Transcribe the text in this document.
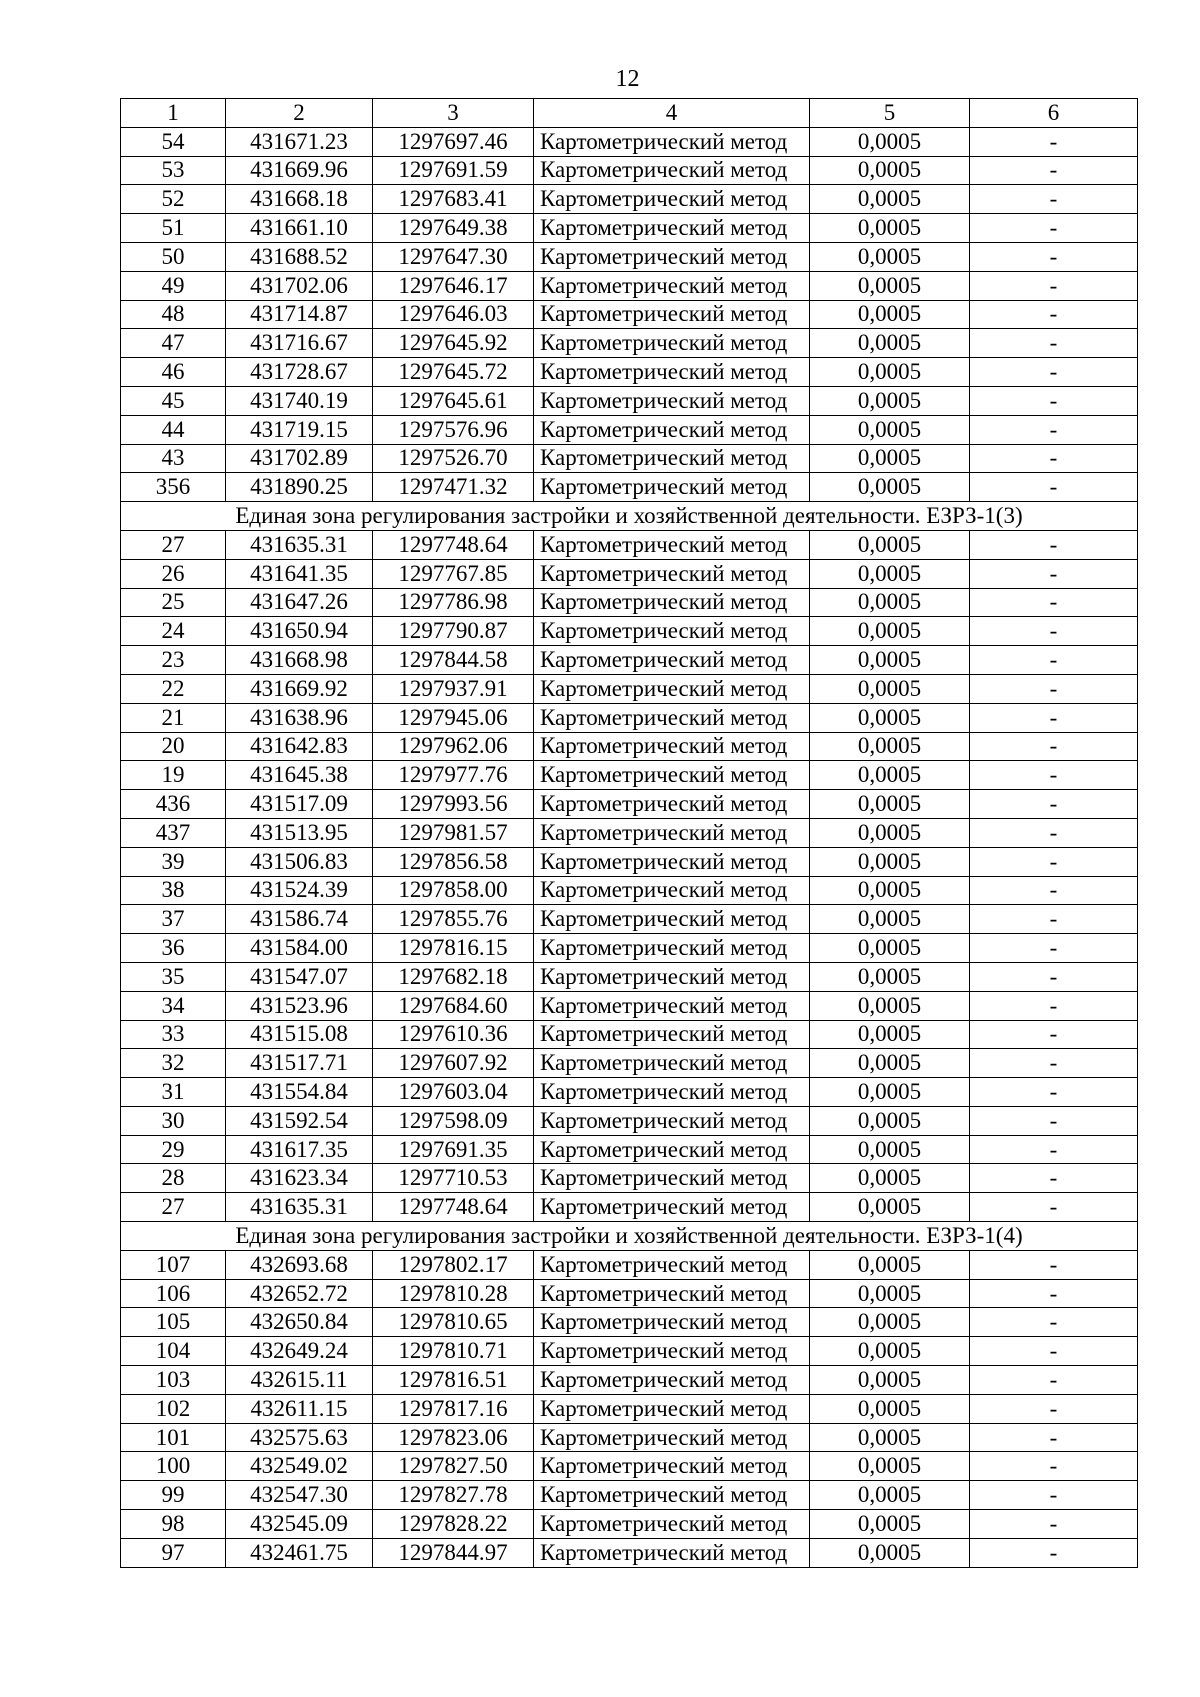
12
1	2	3	4	5	6
54	431671.23	1297697.46	Картометрический метод	0,0005	-
53	431669.96	1297691.59	Картометрический метод	0,0005	-
52	431668.18	1297683.41	Картометрический метод	0,0005	-
51	431661.10	1297649.38	Картометрический метод	0,0005	-
50	431688.52	1297647.30	Картометрический метод	0,0005	-
49	431702.06	1297646.17	Картометрический метод	0,0005	-
48	431714.87	1297646.03	Картометрический метод	0,0005	-
47	431716.67	1297645.92	Картометрический метод	0,0005	-
46	431728.67	1297645.72	Картометрический метод	0,0005	-
45	431740.19	1297645.61	Картометрический метод	0,0005	-
44	431719.15	1297576.96	Картометрический метод	0,0005	-
43	431702.89	1297526.70	Картометрический метод	0,0005	-
356	431890.25	1297471.32	Картометрический метод	0,0005	-
Единая зона регулирования застройки и хозяйственной деятельности. ЕЗРЗ-1(3)					
27	431635.31	1297748.64	Картометрический метод	0,0005	-
26	431641.35	1297767.85	Картометрический метод	0,0005	-
25	431647.26	1297786.98	Картометрический метод	0,0005	-
24	431650.94	1297790.87	Картометрический метод	0,0005	-
23	431668.98	1297844.58	Картометрический метод	0,0005	-
22	431669.92	1297937.91	Картометрический метод	0,0005	-
21	431638.96	1297945.06	Картометрический метод	0,0005	-
20	431642.83	1297962.06	Картометрический метод	0,0005	-
19	431645.38	1297977.76	Картометрический метод	0,0005	-
436	431517.09	1297993.56	Картометрический метод	0,0005	-
437	431513.95	1297981.57	Картометрический метод	0,0005	-
39	431506.83	1297856.58	Картометрический метод	0,0005	-
38	431524.39	1297858.00	Картометрический метод	0,0005	-
37	431586.74	1297855.76	Картометрический метод	0,0005	-
36	431584.00	1297816.15	Картометрический метод	0,0005	-
35	431547.07	1297682.18	Картометрический метод	0,0005	-
34	431523.96	1297684.60	Картометрический метод	0,0005	-
33	431515.08	1297610.36	Картометрический метод	0,0005	-
32	431517.71	1297607.92	Картометрический метод	0,0005	-
31	431554.84	1297603.04	Картометрический метод	0,0005	-
30	431592.54	1297598.09	Картометрический метод	0,0005	-
29	431617.35	1297691.35	Картометрический метод	0,0005	-
28	431623.34	1297710.53	Картометрический метод	0,0005	-
27	431635.31	1297748.64	Картометрический метод	0,0005	-
Единая зона регулирования застройки и хозяйственной деятельности. ЕЗРЗ-1(4)					
107	432693.68	1297802.17	Картометрический метод	0,0005	-
106	432652.72	1297810.28	Картометрический метод	0,0005	-
105	432650.84	1297810.65	Картометрический метод	0,0005	-
104	432649.24	1297810.71	Картометрический метод	0,0005	-
103	432615.11	1297816.51	Картометрический метод	0,0005	-
102	432611.15	1297817.16	Картометрический метод	0,0005	-
101	432575.63	1297823.06	Картометрический метод	0,0005	-
100	432549.02	1297827.50	Картометрический метод	0,0005	-
99	432547.30	1297827.78	Картометрический метод	0,0005	-
98	432545.09	1297828.22	Картометрический метод	0,0005	-
97	432461.75	1297844.97	Картометрический метод	0,0005	-
